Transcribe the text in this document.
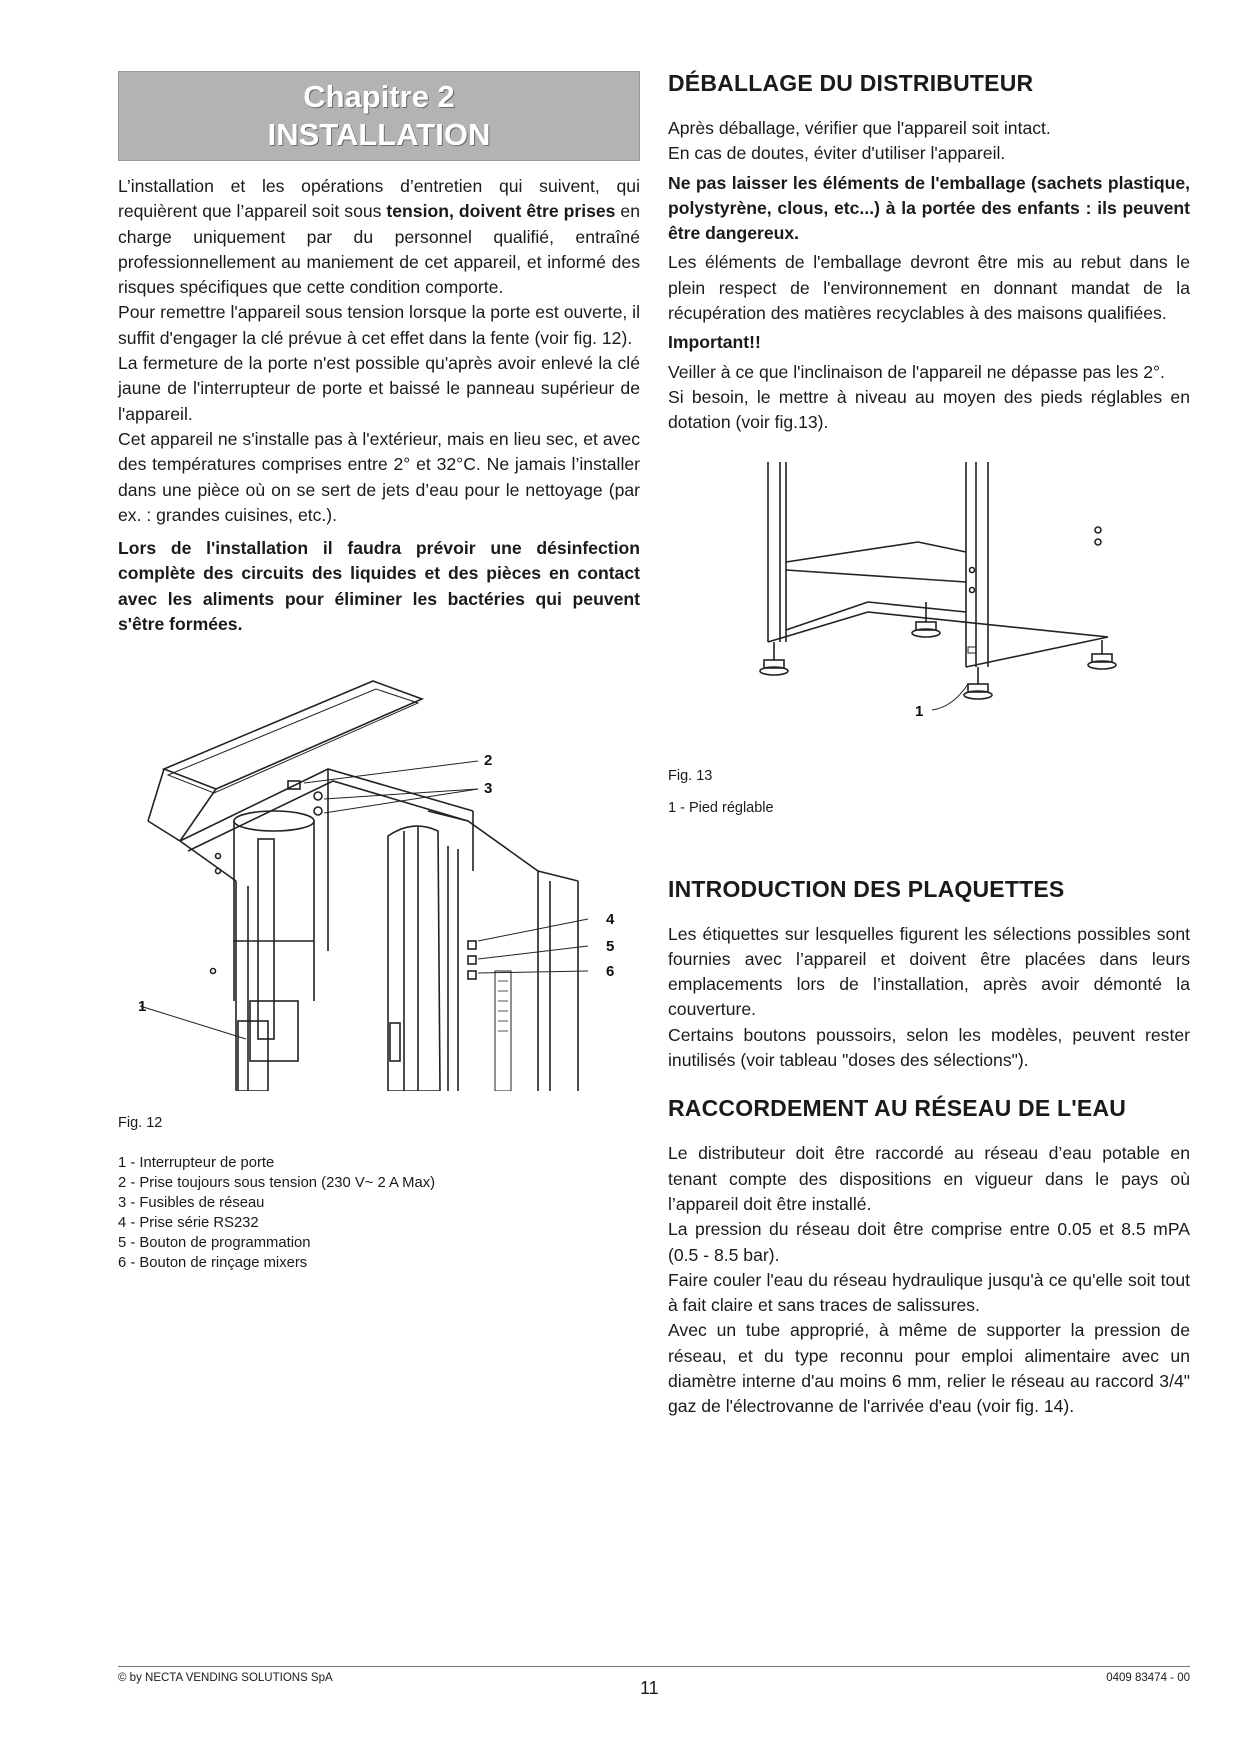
Chapitre 2
INSTALLATION

L’installation et les opérations d’entretien qui suivent, qui requièrent que l’appareil soit sous tension, doivent être prises en charge uniquement par du personnel qualifié, entraîné professionnellement au maniement de cet appareil, et informé des risques spécifiques que cette condition comporte.

Pour remettre l'appareil sous tension lorsque la porte est ouverte, il suffit d'engager la clé prévue à cet effet dans la fente (voir fig. 12).

La fermeture de la porte n'est possible qu'après avoir enlevé la clé jaune de l'interrupteur de porte et baissé le panneau supérieur de l'appareil.

Cet appareil ne s'installe pas à l'extérieur, mais en lieu sec, et avec des températures comprises entre 2° et 32°C. Ne jamais l’installer dans une pièce où on se sert de jets d’eau pour le nettoyage (par ex. : grandes cuisines, etc.).

Lors de l'installation il faudra prévoir une désinfection complète des circuits des liquides et des pièces en contact avec les aliments pour éliminer les bactéries qui peuvent s'être formées.

2
3
4
5
6
1
Fig. 12
1 - Interrupteur de porte
2 - Prise toujours sous tension (230 V~ 2 A Max)
3 - Fusibles de réseau
4 - Prise série RS232
5 - Bouton de programmation
6 - Bouton de rinçage mixers
DÉBALLAGE DU DISTRIBUTEUR

Après déballage, vérifier que l'appareil soit intact.

En cas de doutes, éviter d'utiliser l'appareil.

Ne pas laisser les éléments de l'emballage (sachets plastique, polystyrène, clous, etc...) à la portée des enfants : ils peuvent être dangereux.

Les éléments de l'emballage devront être mis au rebut dans le plein respect de l'environnement en donnant mandat de la récupération des matières recyclables à des maisons qualifiées.

Important!!

Veiller à ce que l'inclinaison de l'appareil ne dépasse pas les 2°.

Si besoin, le mettre à niveau au moyen des pieds réglables en dotation (voir fig.13).

1
Fig. 13
1 - Pied réglable
INTRODUCTION DES PLAQUETTES

Les étiquettes sur lesquelles figurent les sélections possibles sont fournies avec l’appareil et doivent être placées dans leurs emplacements lors de l’installation, après avoir démonté la couverture.

Certains boutons poussoirs, selon les modèles, peuvent rester inutilisés (voir tableau "doses des sélections").

RACCORDEMENT AU RÉSEAU DE L'EAU

Le distributeur doit être raccordé au réseau d’eau potable en tenant compte des dispositions en vigueur dans le pays où l’appareil doit être installé.

La pression du réseau doit être comprise entre 0.05 et 8.5 mPA (0.5 - 8.5 bar).

Faire couler l'eau du réseau hydraulique jusqu'à ce qu'elle soit tout à fait claire et sans traces de salissures.

Avec un tube approprié, à même de supporter la pression de réseau, et du type reconnu pour emploi alimentaire avec un diamètre interne d'au moins 6 mm, relier le réseau au raccord 3/4" gaz de l'électrovanne de l'arrivée d'eau (voir fig. 14).

© by NECTA VENDING SOLUTIONS SpA	11	0409 83474 - 00
